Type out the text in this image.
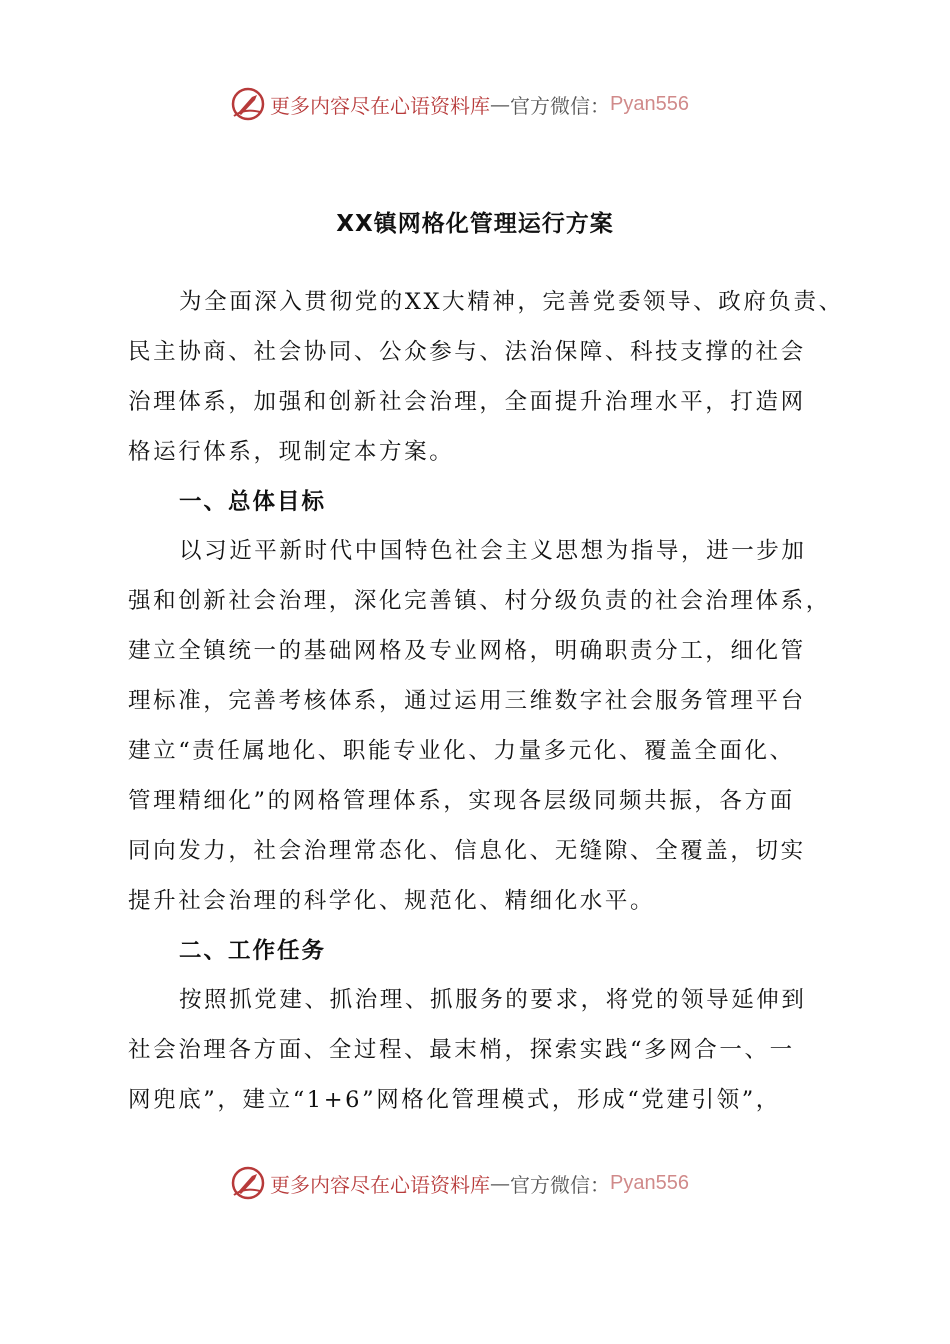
更多内容尽在心语资料库 — 官方微信： Pyan556
XX镇网格化管理运行方案
为全面深入贯彻党的XX大精神，完善党委领导、政府负责、
民主协商、社会协同、公众参与、法治保障、科技支撑的社会
治理体系，加强和创新社会治理，全面提升治理水平，打造网
格运行体系，现制定本方案。
一、总体目标
以习近平新时代中国特色社会主义思想为指导，进一步加
强和创新社会治理，深化完善镇、村分级负责的社会治理体系，
建立全镇统一的基础网格及专业网格，明确职责分工，细化管
理标准，完善考核体系，通过运用三维数字社会服务管理平台
建立“责任属地化、职能专业化、力量多元化、覆盖全面化、
管理精细化”的网格管理体系，实现各层级同频共振，各方面
同向发力，社会治理常态化、信息化、无缝隙、全覆盖，切实
提升社会治理的科学化、规范化、精细化水平。
二、工作任务
按照抓党建、抓治理、抓服务的要求，将党的领导延伸到
社会治理各方面、全过程、最末梢，探索实践“多网合一、一
网兜底”，建立“1+6”网格化管理模式，形成“党建引领”，
更多内容尽在心语资料库 — 官方微信： Pyan556
